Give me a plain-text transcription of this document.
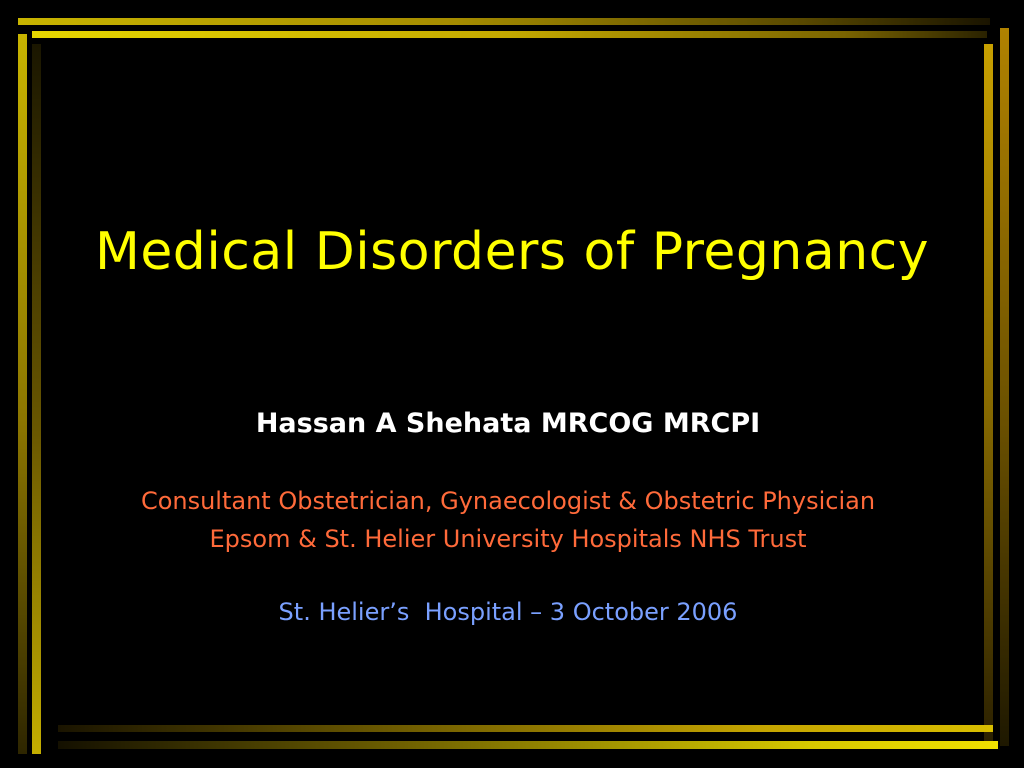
Medical Disorders of Pregnancy
Hassan A Shehata MRCOG MRCPI
Consultant Obstetrician, Gynaecologist & Obstetric Physician
Epsom & St. Helier University Hospitals NHS Trust
St. Helier’s  Hospital – 3 October 2006
